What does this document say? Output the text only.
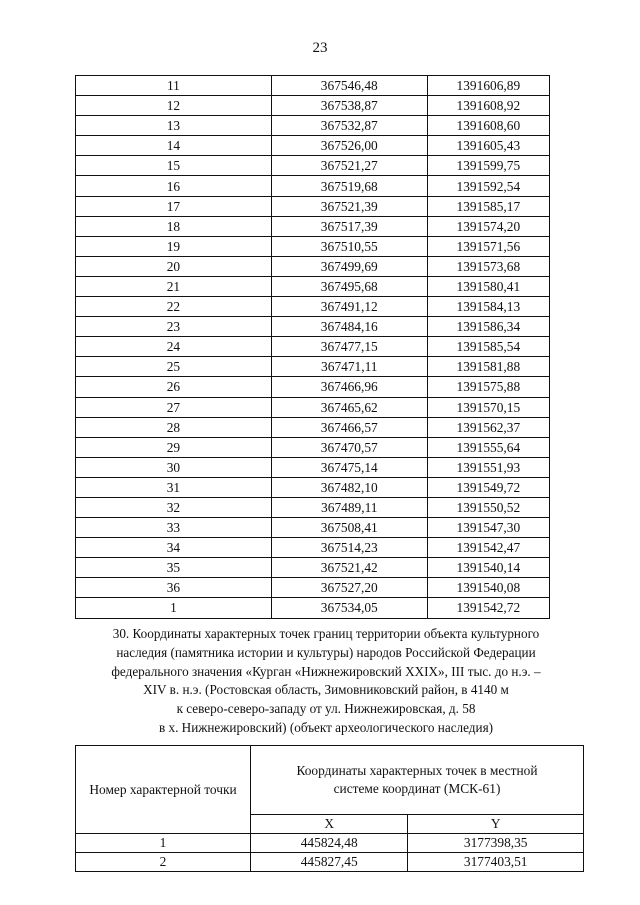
23
11	367546,48	1391606,89
12	367538,87	1391608,92
13	367532,87	1391608,60
14	367526,00	1391605,43
15	367521,27	1391599,75
16	367519,68	1391592,54
17	367521,39	1391585,17
18	367517,39	1391574,20
19	367510,55	1391571,56
20	367499,69	1391573,68
21	367495,68	1391580,41
22	367491,12	1391584,13
23	367484,16	1391586,34
24	367477,15	1391585,54
25	367471,11	1391581,88
26	367466,96	1391575,88
27	367465,62	1391570,15
28	367466,57	1391562,37
29	367470,57	1391555,64
30	367475,14	1391551,93
31	367482,10	1391549,72
32	367489,11	1391550,52
33	367508,41	1391547,30
34	367514,23	1391542,47
35	367521,42	1391540,14
36	367527,20	1391540,08
1	367534,05	1391542,72
30. Координаты характерных точек границ территории объекта культурного
наследия (памятника истории и культуры) народов Российской Федерации
федерального значения «Курган «Нижнежировский XXIX», III тыс. до н.э. –
XIV в. н.э. (Ростовская область, Зимовниковский район, в 4140 м
к северо-северо-западу от ул. Нижнежировская, д. 58
в х. Нижнежировский) (объект археологического наследия)
Номер характерной точки	Координаты характерных точек в местной системе координат (МСК-61)	
	X	Y
1	445824,48	3177398,35
2	445827,45	3177403,51
